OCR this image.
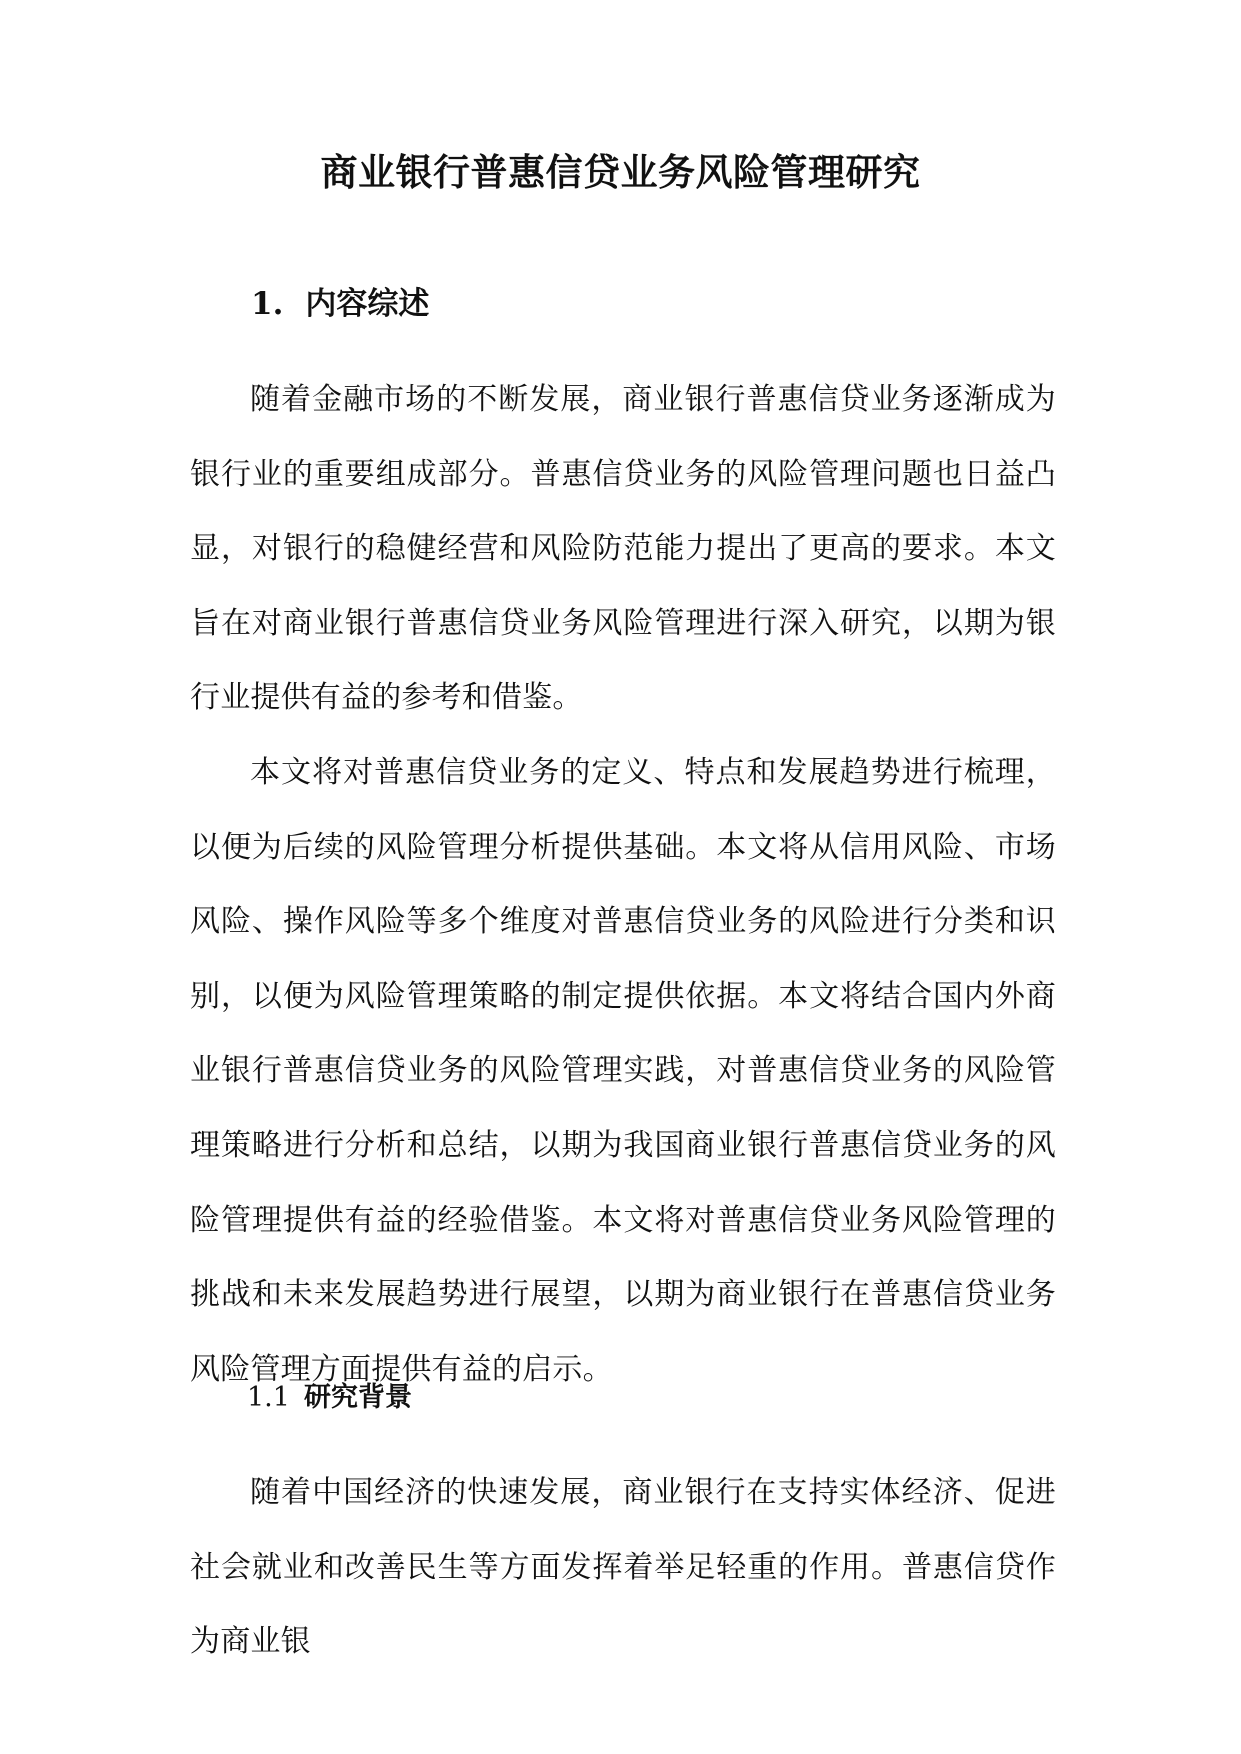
商业银行普惠信贷业务风险管理研究
1. 内容综述

随着金融市场的不断发展，商业银行普惠信贷业务逐渐成为银行业的重要组成部分。普惠信贷业务的风险管理问题也日益凸显，对银行的稳健经营和风险防范能力提出了更高的要求。本文旨在对商业银行普惠信贷业务风险管理进行深入研究，以期为银行业提供有益的参考和借鉴。

本文将对普惠信贷业务的定义、特点和发展趋势进行梳理，以便为后续的风险管理分析提供基础。本文将从信用风险、市场风险、操作风险等多个维度对普惠信贷业务的风险进行分类和识别，以便为风险管理策略的制定提供依据。本文将结合国内外商业银行普惠信贷业务的风险管理实践，对普惠信贷业务的风险管理策略进行分析和总结，以期为我国商业银行普惠信贷业务的风险管理提供有益的经验借鉴。本文将对普惠信贷业务风险管理的挑战和未来发展趋势进行展望，以期为商业银行在普惠信贷业务风险管理方面提供有益的启示。

1.1 研究背景

随着中国经济的快速发展，商业银行在支持实体经济、促进社会就业和改善民生等方面发挥着举足轻重的作用。普惠信贷作为商业银
